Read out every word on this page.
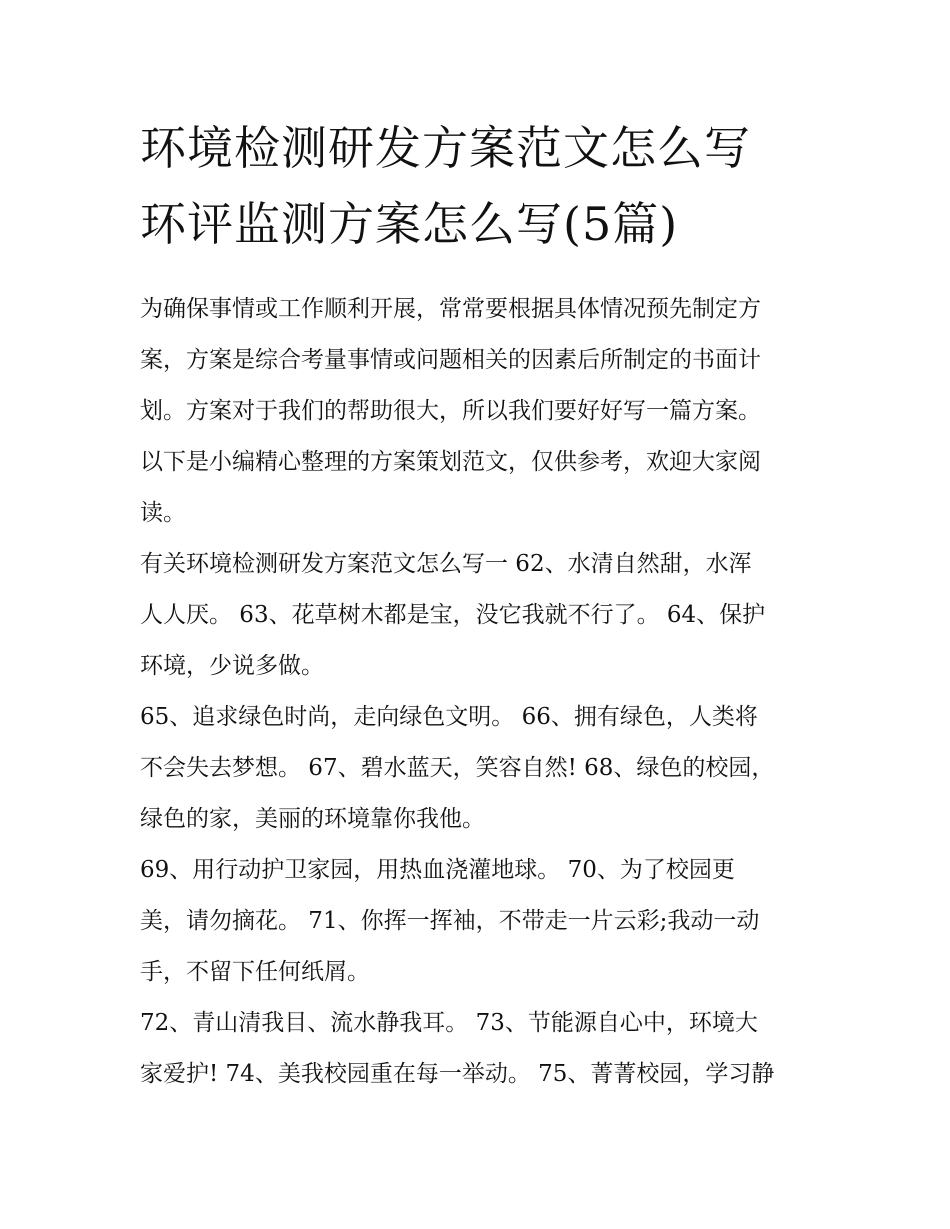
环境检测研发方案范文怎么写
环评监测方案怎么写(5篇)

为确保事情或工作顺利开展，常常要根据具体情况预先制定方
案，方案是综合考量事情或问题相关的因素后所制定的书面计
划。方案对于我们的帮助很大，所以我们要好好写一篇方案。
以下是小编精心整理的方案策划范文，仅供参考，欢迎大家阅
读。

有关环境检测研发方案范文怎么写一 62、水清自然甜，水浑
人人厌。 63、花草树木都是宝，没它我就不行了。 64、保护
环境，少说多做。

65、追求绿色时尚，走向绿色文明。 66、拥有绿色，人类将
不会失去梦想。 67、碧水蓝天，笑容自然! 68、绿色的校园，
绿色的家，美丽的环境靠你我他。

69、用行动护卫家园，用热血浇灌地球。 70、为了校园更
美，请勿摘花。 71、你挥一挥袖，不带走一片云彩;我动一动
手，不留下任何纸屑。

72、青山清我目、流水静我耳。 73、节能源自心中，环境大
家爱护! 74、美我校园重在每一举动。 75、菁菁校园，学习静
